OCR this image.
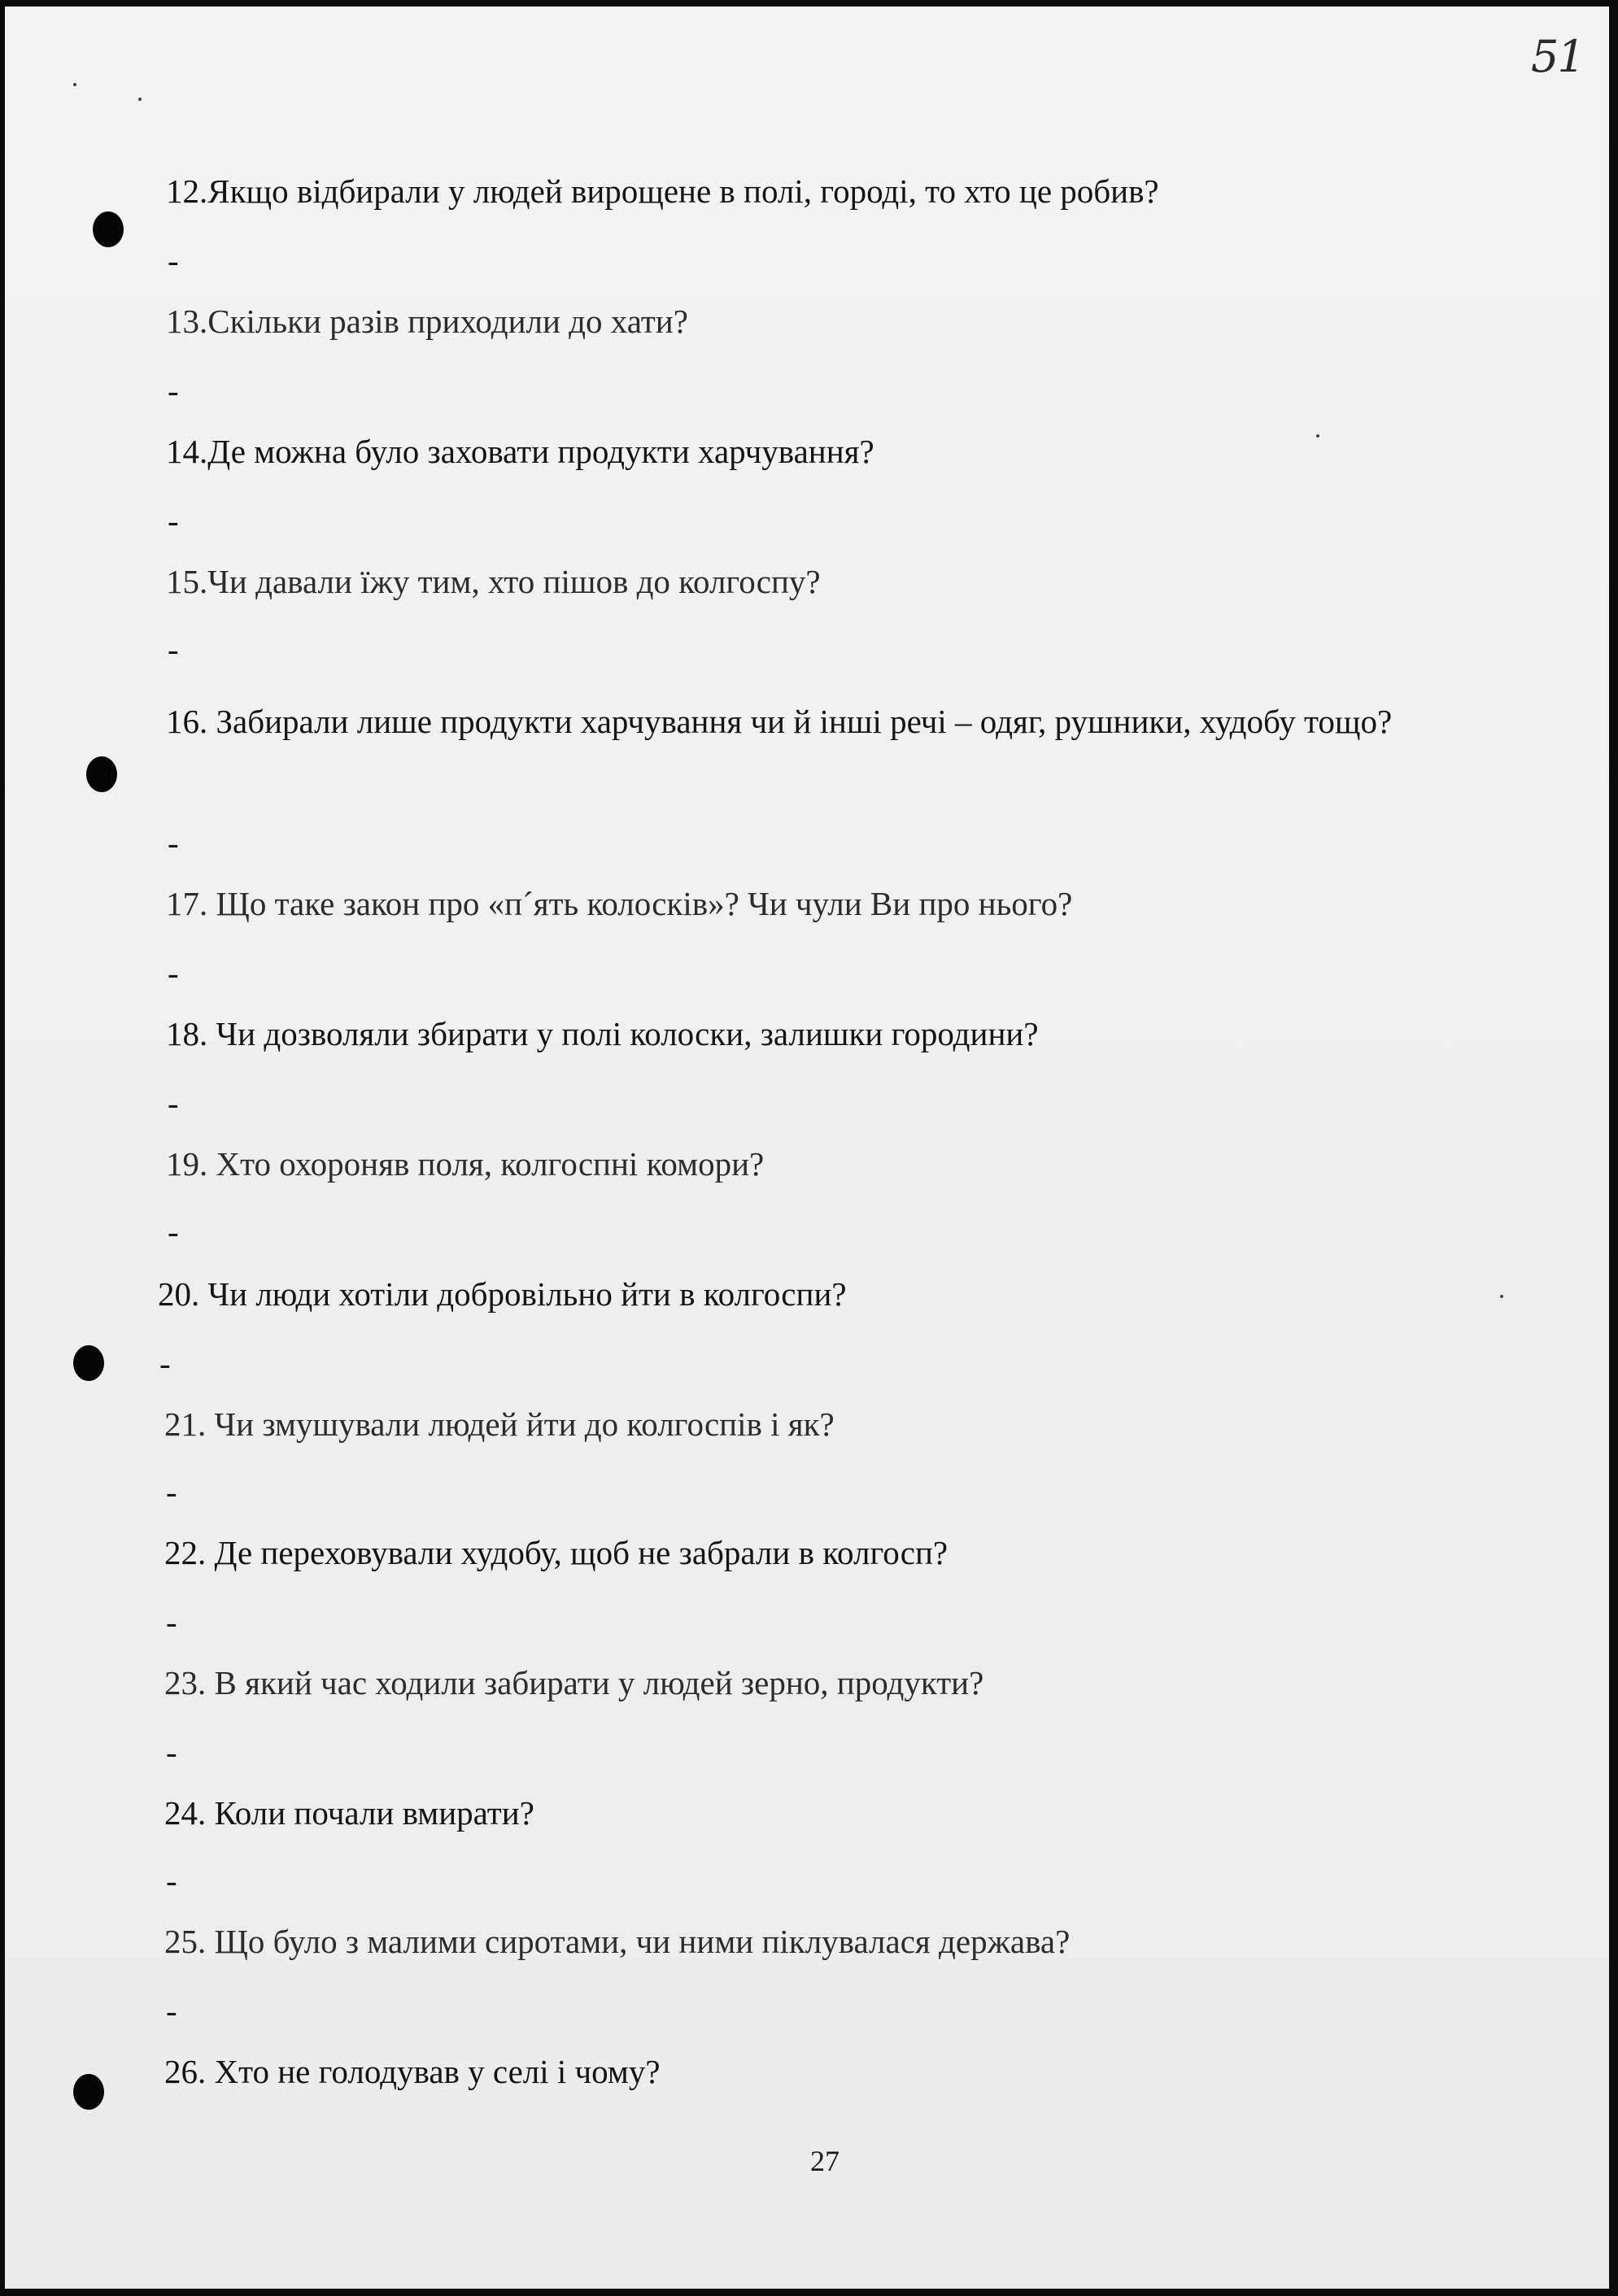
51
12.Якщо відбирали у людей вирощене в полі, городі, то хто це робив?
-
13.Скільки разів приходили до хати?
-
14.Де можна було заховати продукти харчування?
-
15.Чи давали їжу тим, хто пішов до колгоспу?
-
16. Забирали лише продукти харчування чи й інші речі – одяг, рушники, худобу тощо?
-
17. Що таке закон про «п´ять колосків»? Чи чули Ви про нього?
-
18. Чи дозволяли збирати у полі колоски, залишки городини?
-
19. Хто охороняв поля, колгоспні комори?
-
20. Чи люди хотіли добровільно йти в колгоспи?
-
21. Чи змушували людей йти до колгоспів і як?
-
22. Де переховували худобу, щоб не забрали в колгосп?
-
23. В який час ходили забирати у людей зерно, продукти?
-
24. Коли почали вмирати?
-
25. Що було з малими сиротами, чи ними піклувалася держава?
-
26. Хто не голодував у селі і чому?
27
